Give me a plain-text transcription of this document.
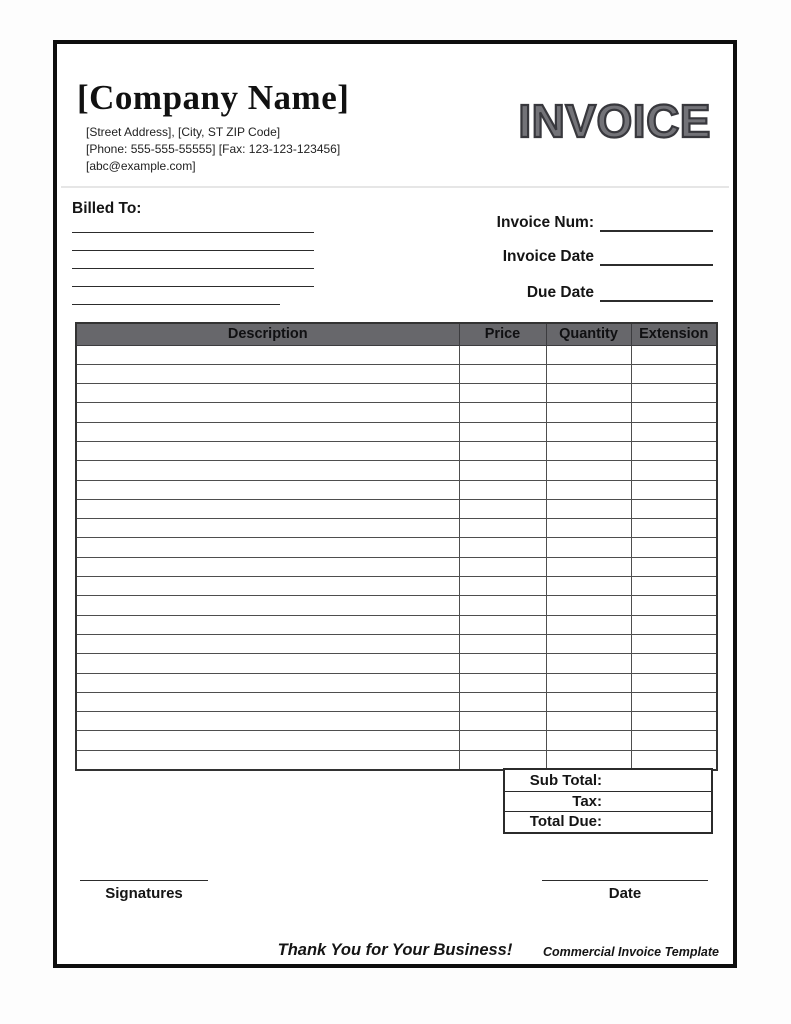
[Company Name]
[Street Address], [City, ST ZIP Code]
[Phone: 555-555-55555] [Fax: 123-123-123456]
[abc@example.com]
INVOICE
Billed To:
Invoice Num:
Invoice Date
Due Date
Description	Price	Quantity	Extension

Sub Total:
Tax:
Total Due:
Signatures	Date
Thank You for Your Business!	Commercial Invoice Template
